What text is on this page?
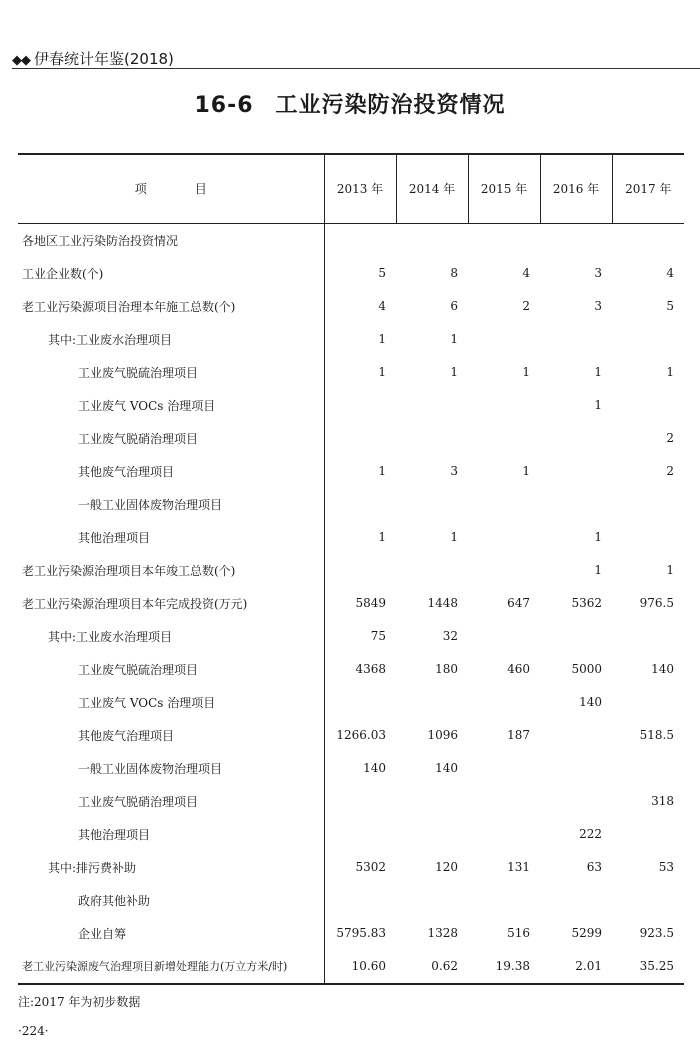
◆◆ 伊春统计年鉴(2018)
16-6 工业污染防治投资情况
项　　　　目	2013 年	2014 年	2015 年	2016 年	2017 年
各地区工业污染防治投资情况					
工业企业数(个)	5	8	4	3	4
老工业污染源项目治理本年施工总数(个)	4	6	2	3	5
其中:工业废水治理项目	1	1			
工业废气脱硫治理项目	1	1	1	1	1
工业废气 VOCs 治理项目				1	
工业废气脱硝治理项目					2
其他废气治理项目	1	3	1		2
一般工业固体废物治理项目					
其他治理项目	1	1		1	
老工业污染源治理项目本年竣工总数(个)				1	1
老工业污染源治理项目本年完成投资(万元)	5849	1448	647	5362	976.5
其中:工业废水治理项目	75	32			
工业废气脱硫治理项目	4368	180	460	5000	140
工业废气 VOCs 治理项目				140	
其他废气治理项目	1266.03	1096	187		518.5
一般工业固体废物治理项目	140	140			
工业废气脱硝治理项目					318
其他治理项目				222	
其中:排污费补助	5302	120	131	63	53
政府其他补助					
企业自筹	5795.83	1328	516	5299	923.5
老工业污染源废气治理项目新增处理能力(万立方米/时)	10.60	0.62	19.38	2.01	35.25
注:2017 年为初步数据
·224·
